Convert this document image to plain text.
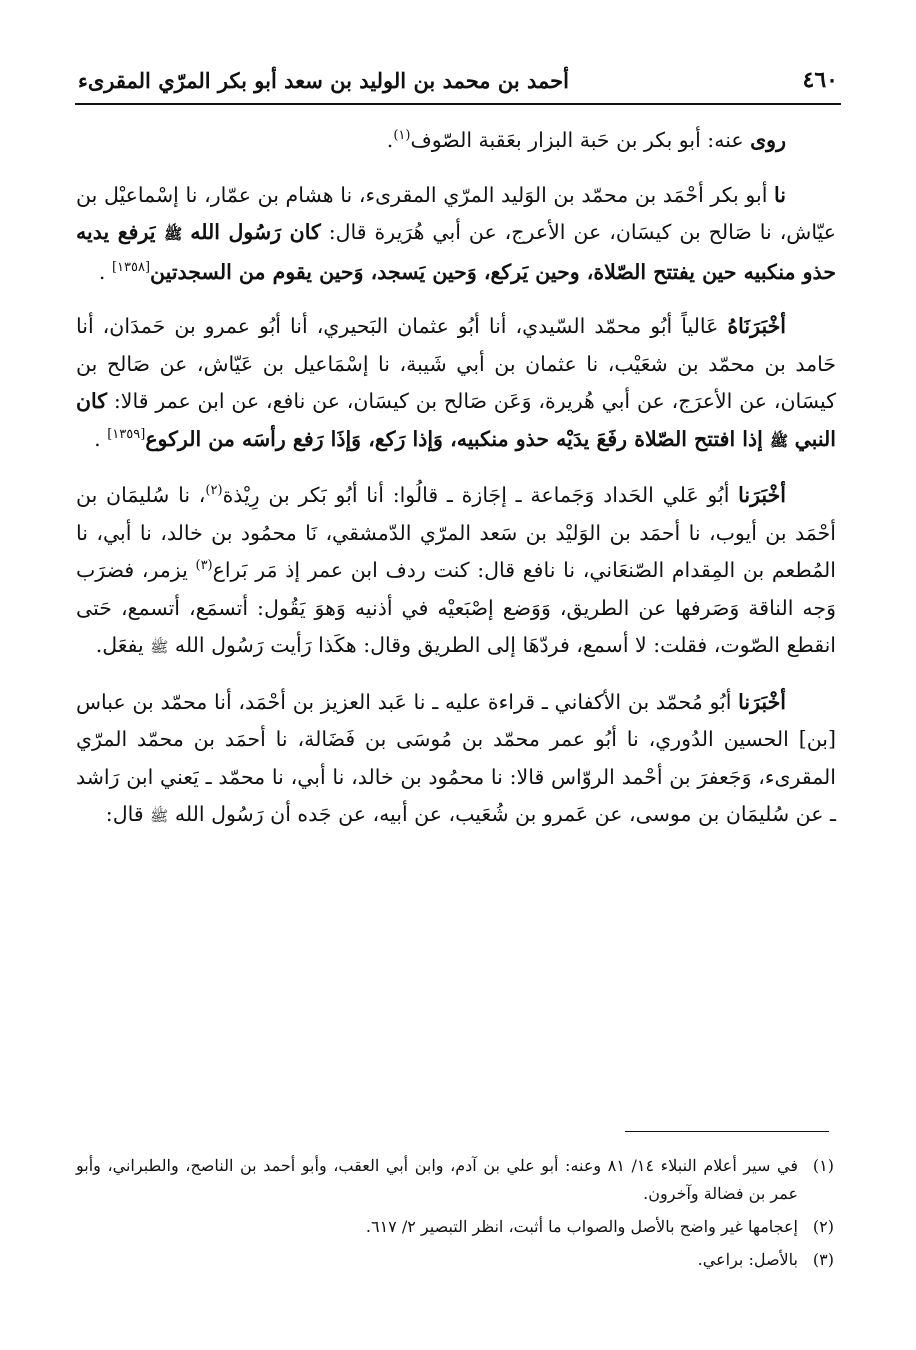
٤٦٠
أحمد بن محمد بن الوليد بن سعد أبو بكر المرّي المقرىء

روى عنه: أبو بكر بن حَبة البزار بعَقبة الصّوف$^{(١)}$.

نا أبو بكر أحْمَد بن محمّد بن الوَليد المرّي المقرىء، نا هشام بن عمّار، نا إسْماعيْل بن عيّاش، نا صَالح بن كيسَان، عن الأعرج، عن أبي هُرَيرة قال: كان رَسُول الله ﷺ يَرفع يديه حذو منكبيه حين يفتتح الصّلاة، وحين يَركع، وَحين يَسجد، وَحين يقوم من السجدتين[١٣٥٨] .

أخْبَرَنَاهُ عَالياً أبُو محمّد السّيدي، أنا أبُو عثمان البَحيري، أنا أبُو عمرو بن حَمدَان، أنا حَامد بن محمّد بن شعَيْب، نا عثمان بن أبي شَيبة، نا إسْمَاعيل بن عَيّاش، عن صَالح بن كيسَان، عن الأعرَج، عن أبي هُريرة، وَعَن صَالح بن كيسَان، عن نافع، عن ابن عمر قالا: كان النبي ﷺ إذا افتتح الصّلاة رفَعَ يدَيْه حذو منكبيه، وَإذا رَكع، وَإذَا رَفع رأسَه من الركوع[١٣٥٩] .

أخْبَرَنا أبُو عَلي الحَداد وَجَماعة ـ إجَازة ـ قالُوا: أنا أبُو بَكر بن رِيْذة$^{(٢)}$، نا سُليمَان بن أحْمَد بن أيوب، نا أحمَد بن الوَليْد بن سَعد المرّي الدّمشقي، نَا محمُود بن خالد، نا أبي، نا المُطعم بن المِقدام الصّنعَاني، نا نافع قال: كنت ردف ابن عمر إذ مَر بَراع$^{(٣)}$ يزمر، فضرَب وَجه الناقة وَصَرفها عن الطريق، وَوَضع إصْبَعيْه في أذنيه وَهوَ يَقُول: أتسمَع، أتسمع، حَتى انقطع الصّوت، فقلت: لا أسمع، فردّهَا إلى الطريق وقال: هكَذا رَأيت رَسُول الله ﷺ يفعَل.

أخْبَرَنا أبُو مُحمّد بن الأكفاني ـ قراءة عليه ـ نا عَبد العزيز بن أحْمَد، أنا محمّد بن عباس [بن] الحسين الدُوري، نا أبُو عمر محمّد بن مُوسَى بن فَضَالة، نا أحمَد بن محمّد المرّي المقرىء، وَجَعفرَ بن أحْمد الروّاس قالا: نا محمُود بن خالد، نا أبي، نا محمّد ـ يَعني ابن رَاشد ـ عن سُليمَان بن موسى، عن عَمرو بن شُعَيب، عن أبيه، عن جَده أن رَسُول الله ﷺ قال:

(١)
في سير أعلام النبلاء ١٤/ ٨١ وعنه: أبو علي بن آدم، وابن أبي العقب، وأبو أحمد بن الناصح، والطبراني، وأبو عمر بن فضالة وآخرون.
(٢)
إعجامها غير واضح بالأصل والصواب ما أثبت، انظر التبصير ٢/ ٦١٧.
(٣)
بالأصل: براعي.
